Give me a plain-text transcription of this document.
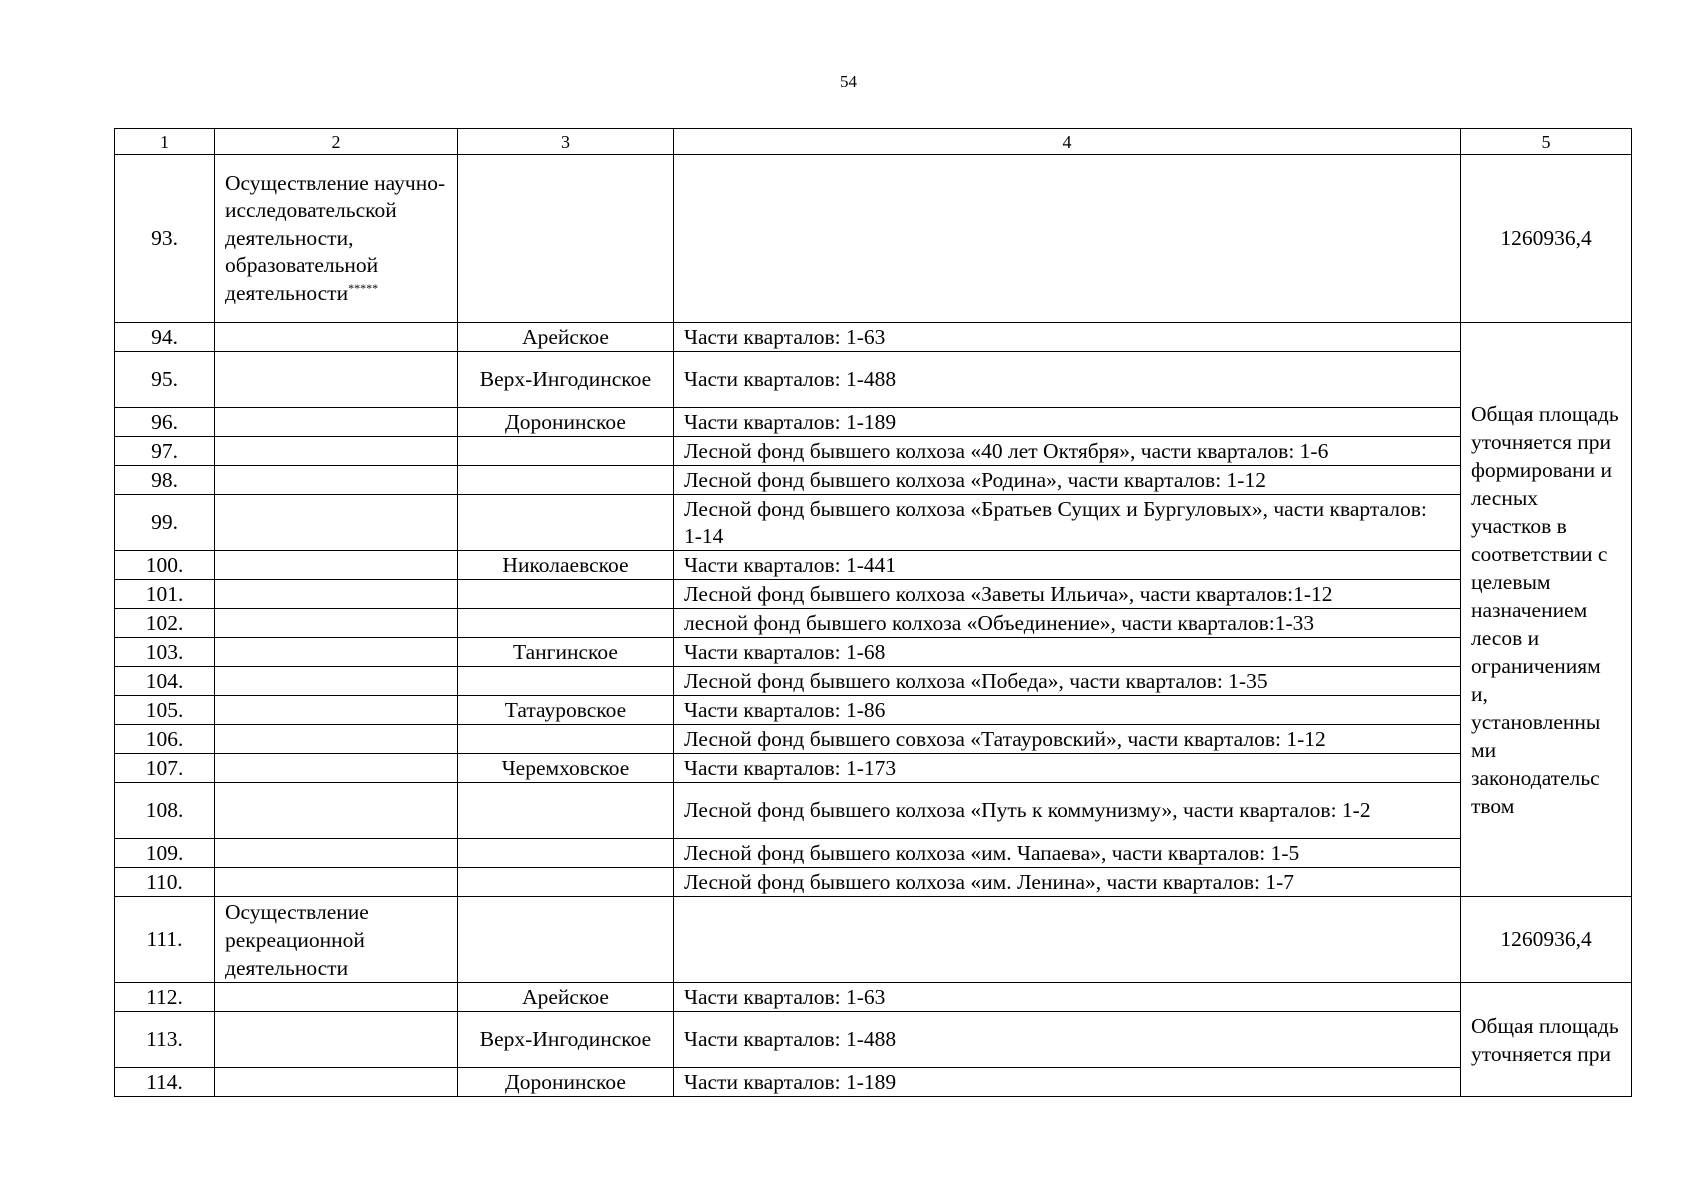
54
1	2	3	4	5
93.	Осуществление научно-исследовательской деятельности, образовательной деятельности*****			1260936,4
94.		Арейское	Части кварталов: 1-63	Общая площадь уточняется при формировани и лесных участков в соответствии с целевым назначением лесов и ограничениям и, установленны ми законодательс твом
95.		Верх-Ингодинское	Части кварталов: 1-488	
96.		Доронинское	Части кварталов: 1-189	
97.			Лесной фонд бывшего колхоза «40 лет Октября», части кварталов: 1-6	
98.			Лесной фонд бывшего колхоза «Родина», части кварталов: 1-12	
99.			Лесной фонд бывшего колхоза «Братьев Сущих и Бургуловых», части кварталов: 1-14	
100.		Николаевское	Части кварталов: 1-441	
101.			Лесной фонд бывшего колхоза «Заветы Ильича», части кварталов:1-12	
102.			лесной фонд бывшего колхоза «Объединение», части кварталов:1-33	
103.		Тангинское	Части кварталов: 1-68	
104.			Лесной фонд бывшего колхоза «Победа», части кварталов: 1-35	
105.		Татауровское	Части кварталов: 1-86	
106.			Лесной фонд бывшего совхоза «Татауровский», части кварталов: 1-12	
107.		Черемховское	Части кварталов: 1-173	
108.			Лесной фонд бывшего колхоза «Путь к коммунизму», части кварталов: 1-2	
109.			Лесной фонд бывшего колхоза «им. Чапаева», части кварталов: 1-5	
110.			Лесной фонд бывшего колхоза «им. Ленина», части кварталов: 1-7	
111.	Осуществление рекреационной деятельности			1260936,4
112.		Арейское	Части кварталов: 1-63	Общая площадь уточняется при
113.		Верх-Ингодинское	Части кварталов: 1-488	
114.		Доронинское	Части кварталов: 1-189	
